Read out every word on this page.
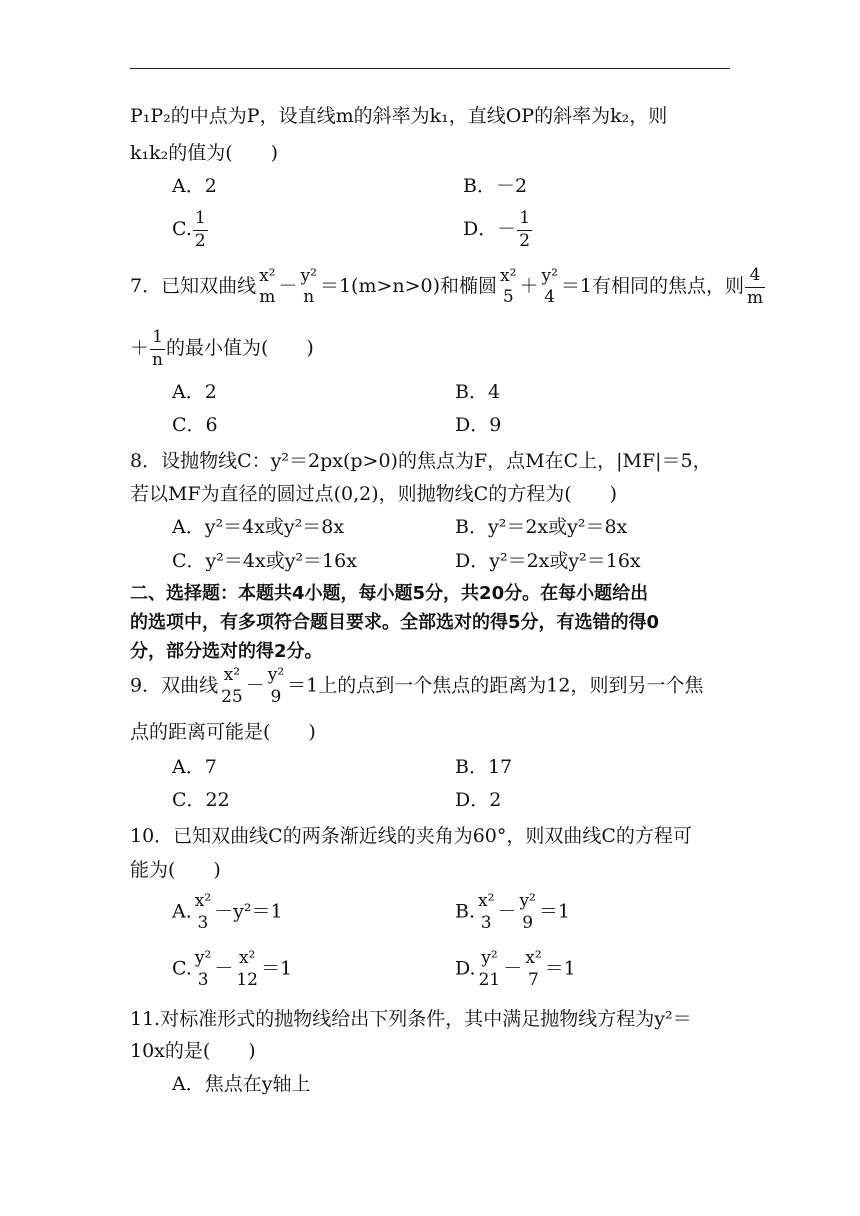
P₁P₂的中点为P，设直线m的斜率为k₁，直线OP的斜率为k₂，则
k₁k₂的值为(　　)
A．2	B．－2
C. $\frac{1}{2}$	D．－ $\frac{1}{2}$
7．已知双曲线 x²
m － y²
n ＝1(m>n>0)和椭圆 x²
5 ＋ y²
4 ＝1有相同的焦点，则 $\frac{4}{m}$
＋ $\frac{1}{n}$ 的最小值为(　　)
A．2	B．4
C．6	D．9
8．设抛物线C：y²＝2px(p>0)的焦点为F，点M在C上，|MF|＝5，
若以MF为直径的圆过点(0,2)，则抛物线C的方程为(　　)
A．y²＝4x或y²＝8x	B．y²＝2x或y²＝8x
C．y²＝4x或y²＝16x	D．y²＝2x或y²＝16x
二、选择题：本题共4小题，每小题5分，共20分。在每小题给出
的选项中，有多项符合题目要求。全部选对的得5分，有选错的得0
分，部分选对的得2分。
9．双曲线 x²
25 － y²
9 ＝1上的点到一个焦点的距离为12，则到另一个焦
点的距离可能是(　　)
A．7	B．17
C．22	D．2
10．已知双曲线C的两条渐近线的夹角为60°，则双曲线C的方程可
能为(　　)
A. x²
3 －y²＝1	B. x²
3 － y²
9 ＝1
C. y²
3 － x²
12 ＝1	D. y²
21 － x²
7 ＝1
11.对标准形式的抛物线给出下列条件，其中满足抛物线方程为y²＝
10x的是(　　)
A．焦点在y轴上
